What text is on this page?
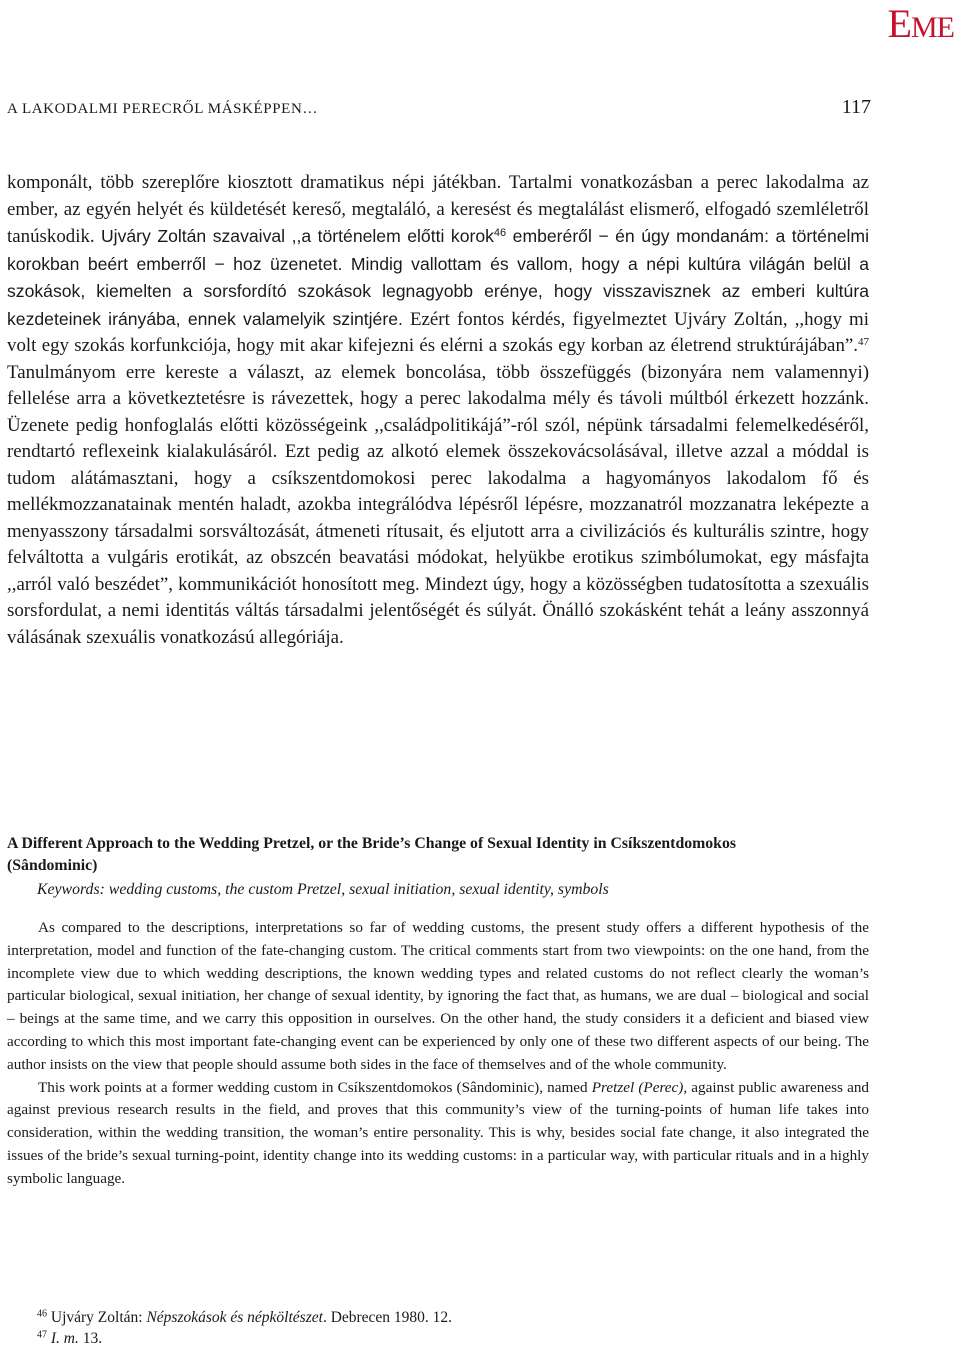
EME
A LAKODALMI PERECRŐL MÁSKÉPPEN…	117

komponált, több szereplőre kiosztott dramatikus népi játékban. Tartalmi vonatkozásban a perec lakodalma az ember, az egyén helyét és küldetését kereső, megtaláló, a keresést és megtalálást elismerő, elfogadó szemléletről tanúskodik. Ujváry Zoltán szavaival ,,a történelem előtti korok$^{46}$ emberéről − én úgy mondanám: a történelmi korokban beért emberről − hoz üzenetet. Mindig vallottam és vallom, hogy a népi kultúra világán belül a szokások, kiemelten a sorsfordító szokások legnagyobb erénye, hogy visszavisznek az emberi kultúra kezdeteinek irányába, ennek valamelyik szintjére. Ezért fontos kérdés, figyelmeztet Ujváry Zoltán, ,,hogy mi volt egy szokás korfunkciója, hogy mit akar kifejezni és elérni a szokás egy korban az életrend struktúrájában”.$^{47}$ Tanulmányom erre kereste a választ, az elemek boncolása, több összefüggés (bizonyára nem valamennyi) fellelése arra a következtetésre is rávezettek, hogy a perec lakodalma mély és távoli múltból érkezett hozzánk. Üzenete pedig honfoglalás előtti közösségeink ,,családpolitikájá”-ról szól, népünk társadalmi felemelkedéséről, rendtartó reflexeink kialakulásáról. Ezt pedig az alkotó elemek összekovácsolásával, illetve azzal a móddal is tudom alátámasztani, hogy a csíkszentdomokosi perec lakodalma a hagyományos lakodalom fő és mellékmozzanatainak mentén haladt, azokba integrálódva lépésről lépésre, mozzanatról mozzanatra leképezte a menyasszony társadalmi sorsváltozását, átmeneti rítusait, és eljutott arra a civilizációs és kulturális szintre, hogy felváltotta a vulgáris erotikát, az obszcén beavatási módokat, helyükbe erotikus szimbólumokat, egy másfajta ,,arról való beszédet”, kommunikációt honosított meg. Mindezt úgy, hogy a közösségben tudatosította a szexuális sorsfordulat, a nemi identitás váltás társadalmi jelentőségét és súlyát. Önálló szokásként tehát a leány asszonnyá válásának szexuális vonatkozású allegóriája.

A Different Approach to the Wedding Pretzel, or the Bride’s Change of Sexual Identity in Csíkszentdomokos
(Sândominic)

Keywords: wedding customs, the custom Pretzel, sexual initiation, sexual identity, symbols

As compared to the descriptions, interpretations so far of wedding customs, the present study offers a different hypothesis of the interpretation, model and function of the fate-changing custom. The critical comments start from two viewpoints: on the one hand, from the incomplete view due to which wedding descriptions, the known wedding types and related customs do not reflect clearly the woman’s particular biological, sexual initiation, her change of sexual identity, by ignoring the fact that, as humans, we are dual – biological and social – beings at the same time, and we carry this opposition in ourselves. On the other hand, the study considers it a deficient and biased view according to which this most important fate-changing event can be experienced by only one of these two different aspects of our being. The author insists on the view that people should assume both sides in the face of themselves and of the whole community.

This work points at a former wedding custom in Csíkszentdomokos (Sândominic), named Pretzel (Perec), against public awareness and against previous research results in the field, and proves that this community’s view of the turning-points of human life takes into consideration, within the wedding transition, the woman’s entire personality. This is why, besides social fate change, it also integrated the issues of the bride’s sexual turning-point, identity change into its wedding customs: in a particular way, with particular rituals and in a highly symbolic language.

$^{46}$ Ujváry Zoltán: Népszokások és népköltészet. Debrecen 1980. 12.
$^{47}$ I. m. 13.
